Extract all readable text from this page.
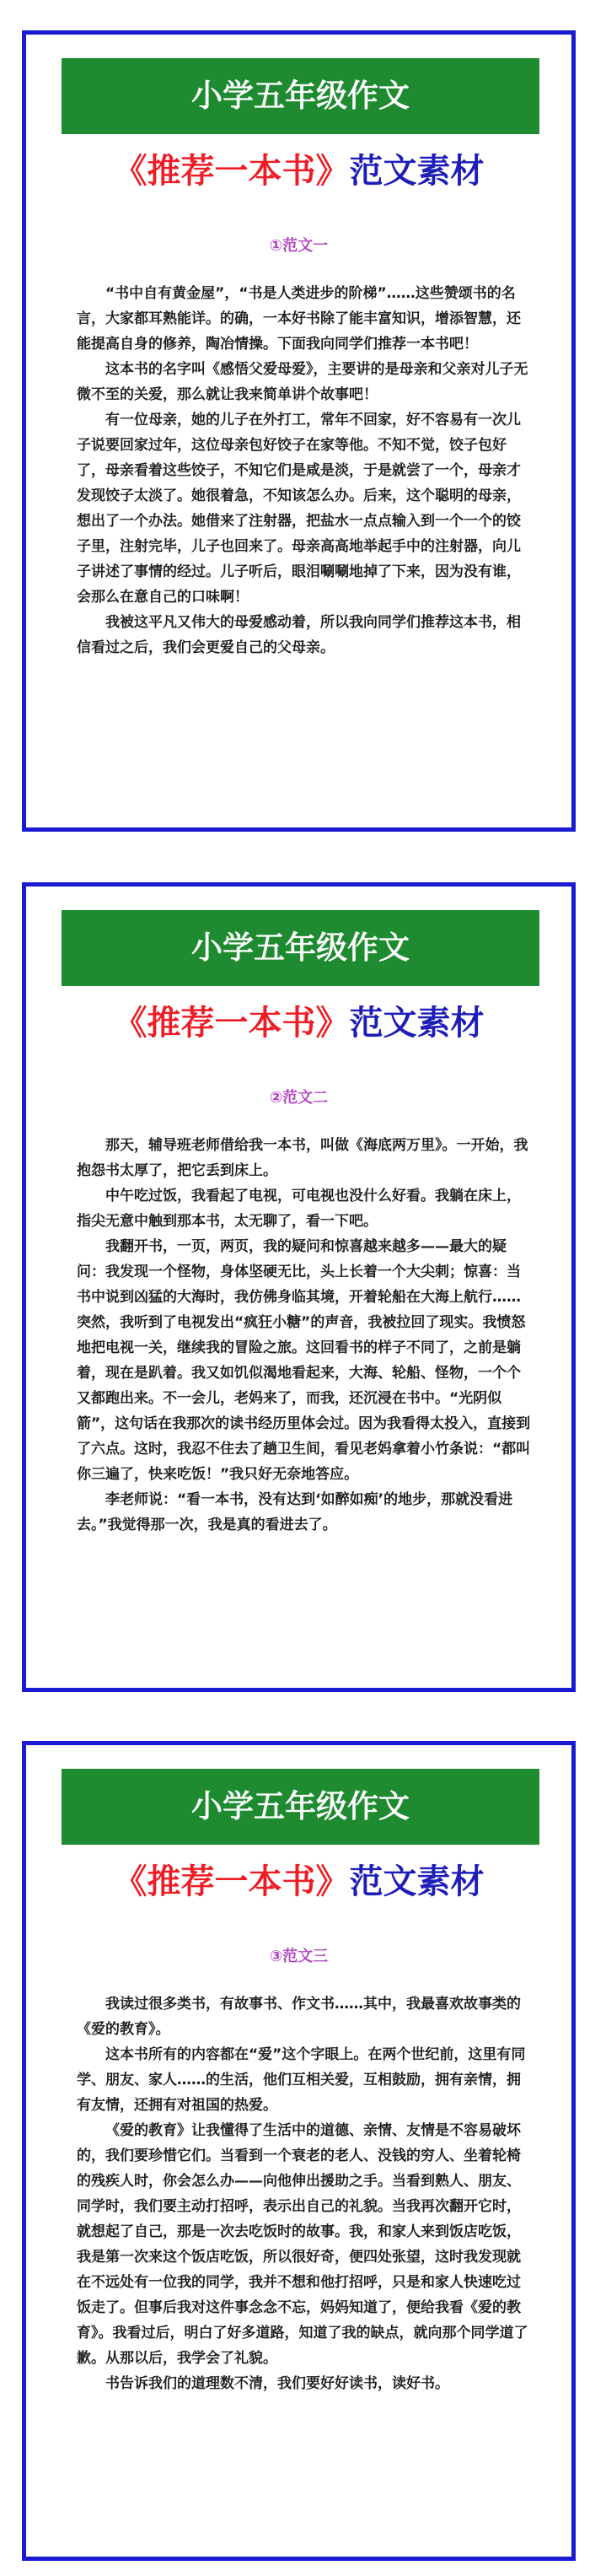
小学五年级作文
《推荐一本书》范文素材
①范文一

“书中自有黄金屋”，“书是人类进步的阶梯”……这些赞颂书的名言，大家都耳熟能详。的确，一本好书除了能丰富知识，增添智慧，还能提高自身的修养，陶冶情操。下面我向同学们推荐一本书吧！

这本书的名字叫《感悟父爱母爱》，主要讲的是母亲和父亲对儿子无微不至的关爱，那么就让我来简单讲个故事吧！

有一位母亲，她的儿子在外打工，常年不回家，好不容易有一次儿子说要回家过年，这位母亲包好饺子在家等他。不知不觉，饺子包好了，母亲看着这些饺子，不知它们是咸是淡，于是就尝了一个，母亲才发现饺子太淡了。她很着急，不知该怎么办。后来，这个聪明的母亲，想出了一个办法。她借来了注射器，把盐水一点点输入到一个一个的饺子里，注射完毕，儿子也回来了。母亲高高地举起手中的注射器，向儿子讲述了事情的经过。儿子听后，眼泪唰唰地掉了下来，因为没有谁，会那么在意自己的口味啊！

我被这平凡又伟大的母爱感动着，所以我向同学们推荐这本书，相信看过之后，我们会更爱自己的父母亲。

小学五年级作文
《推荐一本书》范文素材
②范文二

那天，辅导班老师借给我一本书，叫做《海底两万里》。一开始，我抱怨书太厚了，把它丢到床上。

中午吃过饭，我看起了电视，可电视也没什么好看。我躺在床上，指尖无意中触到那本书，太无聊了，看一下吧。

我翻开书，一页，两页，我的疑问和惊喜越来越多——最大的疑问：我发现一个怪物，身体坚硬无比，头上长着一个大尖刺；惊喜：当书中说到凶猛的大海时，我仿佛身临其境，开着轮船在大海上航行……突然，我听到了电视发出“疯狂小糖”的声音，我被拉回了现实。我愤怒地把电视一关，继续我的冒险之旅。这回看书的样子不同了，之前是躺着，现在是趴着。我又如饥似渴地看起来，大海、轮船、怪物，一个个又都跑出来。不一会儿，老妈来了，而我，还沉浸在书中。“光阴似箭”，这句话在我那次的读书经历里体会过。因为我看得太投入，直接到了六点。这时，我忍不住去了趟卫生间，看见老妈拿着小竹条说：“都叫你三遍了，快来吃饭！”我只好无奈地答应。

李老师说：“看一本书，没有达到‘如醉如痴’的地步，那就没看进去。”我觉得那一次，我是真的看进去了。

小学五年级作文
《推荐一本书》范文素材
③范文三

我读过很多类书，有故事书、作文书……其中，我最喜欢故事类的《爱的教育》。

这本书所有的内容都在“爱”这个字眼上。在两个世纪前，这里有同学、朋友、家人……的生活，他们互相关爱，互相鼓励，拥有亲情，拥有友情，还拥有对祖国的热爱。

《爱的教育》让我懂得了生活中的道德、亲情、友情是不容易破坏的，我们要珍惜它们。当看到一个衰老的老人、没钱的穷人、坐着轮椅的残疾人时，你会怎么办——向他伸出援助之手。当看到熟人、朋友、同学时，我们要主动打招呼，表示出自己的礼貌。当我再次翻开它时，就想起了自己，那是一次去吃饭时的故事。我，和家人来到饭店吃饭，我是第一次来这个饭店吃饭，所以很好奇，便四处张望，这时我发现就在不远处有一位我的同学，我并不想和他打招呼，只是和家人快速吃过饭走了。但事后我对这件事念念不忘，妈妈知道了，便给我看《爱的教育》。我看过后，明白了好多道路，知道了我的缺点，就向那个同学道了歉。从那以后，我学会了礼貌。

书告诉我们的道理数不清，我们要好好读书，读好书。
